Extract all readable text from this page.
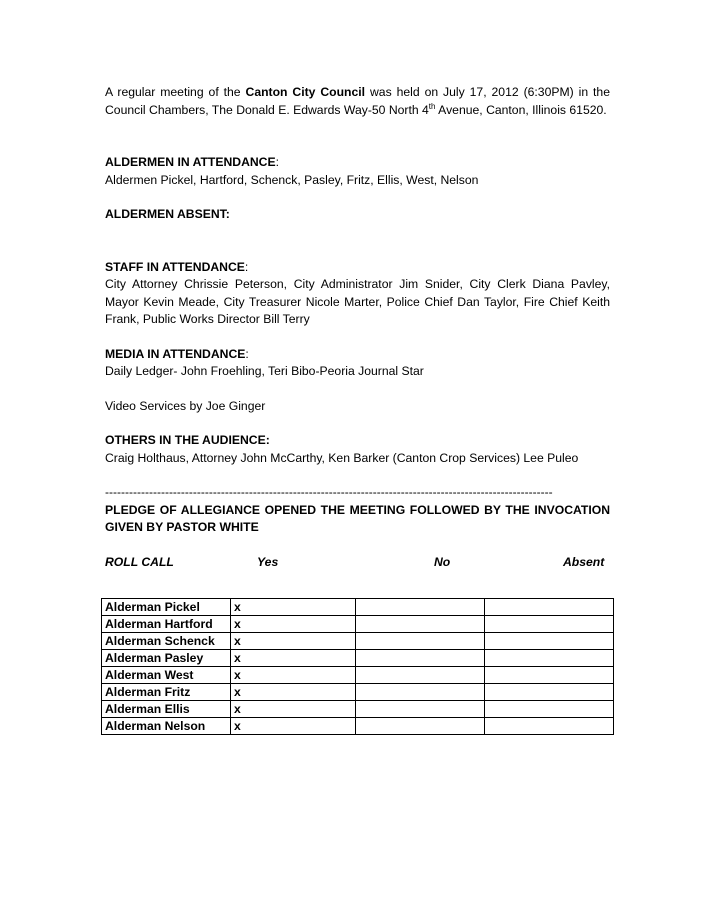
A regular meeting of the Canton City Council was held on July 17, 2012 (6:30PM) in the Council Chambers, The Donald E. Edwards Way-50 North 4th Avenue, Canton, Illinois 61520.

ALDERMEN IN ATTENDANCE:

Aldermen Pickel, Hartford, Schenck, Pasley, Fritz, Ellis, West, Nelson

ALDERMEN ABSENT:

STAFF IN ATTENDANCE:

City Attorney Chrissie Peterson, City Administrator Jim Snider, City Clerk Diana Pavley, Mayor Kevin Meade, City Treasurer Nicole Marter, Police Chief Dan Taylor, Fire Chief Keith Frank, Public Works Director Bill Terry

MEDIA IN ATTENDANCE:

Daily Ledger- John Froehling, Teri Bibo-Peoria Journal Star

Video Services by Joe Ginger

OTHERS IN THE AUDIENCE:

Craig Holthaus, Attorney John McCarthy, Ken Barker (Canton Crop Services) Lee Puleo

----------------------------------------------------------------------------------------------------------------

PLEDGE OF ALLEGIANCE OPENED THE MEETING FOLLOWED BY THE INVOCATION GIVEN BY PASTOR WHITE

ROLL CALL	Yes	No	Absent
Alderman Pickel	x		
Alderman Hartford	x		
Alderman Schenck	x		
Alderman Pasley	x		
Alderman West	x		
Alderman Fritz	x		
Alderman Ellis	x		
Alderman Nelson	x		
